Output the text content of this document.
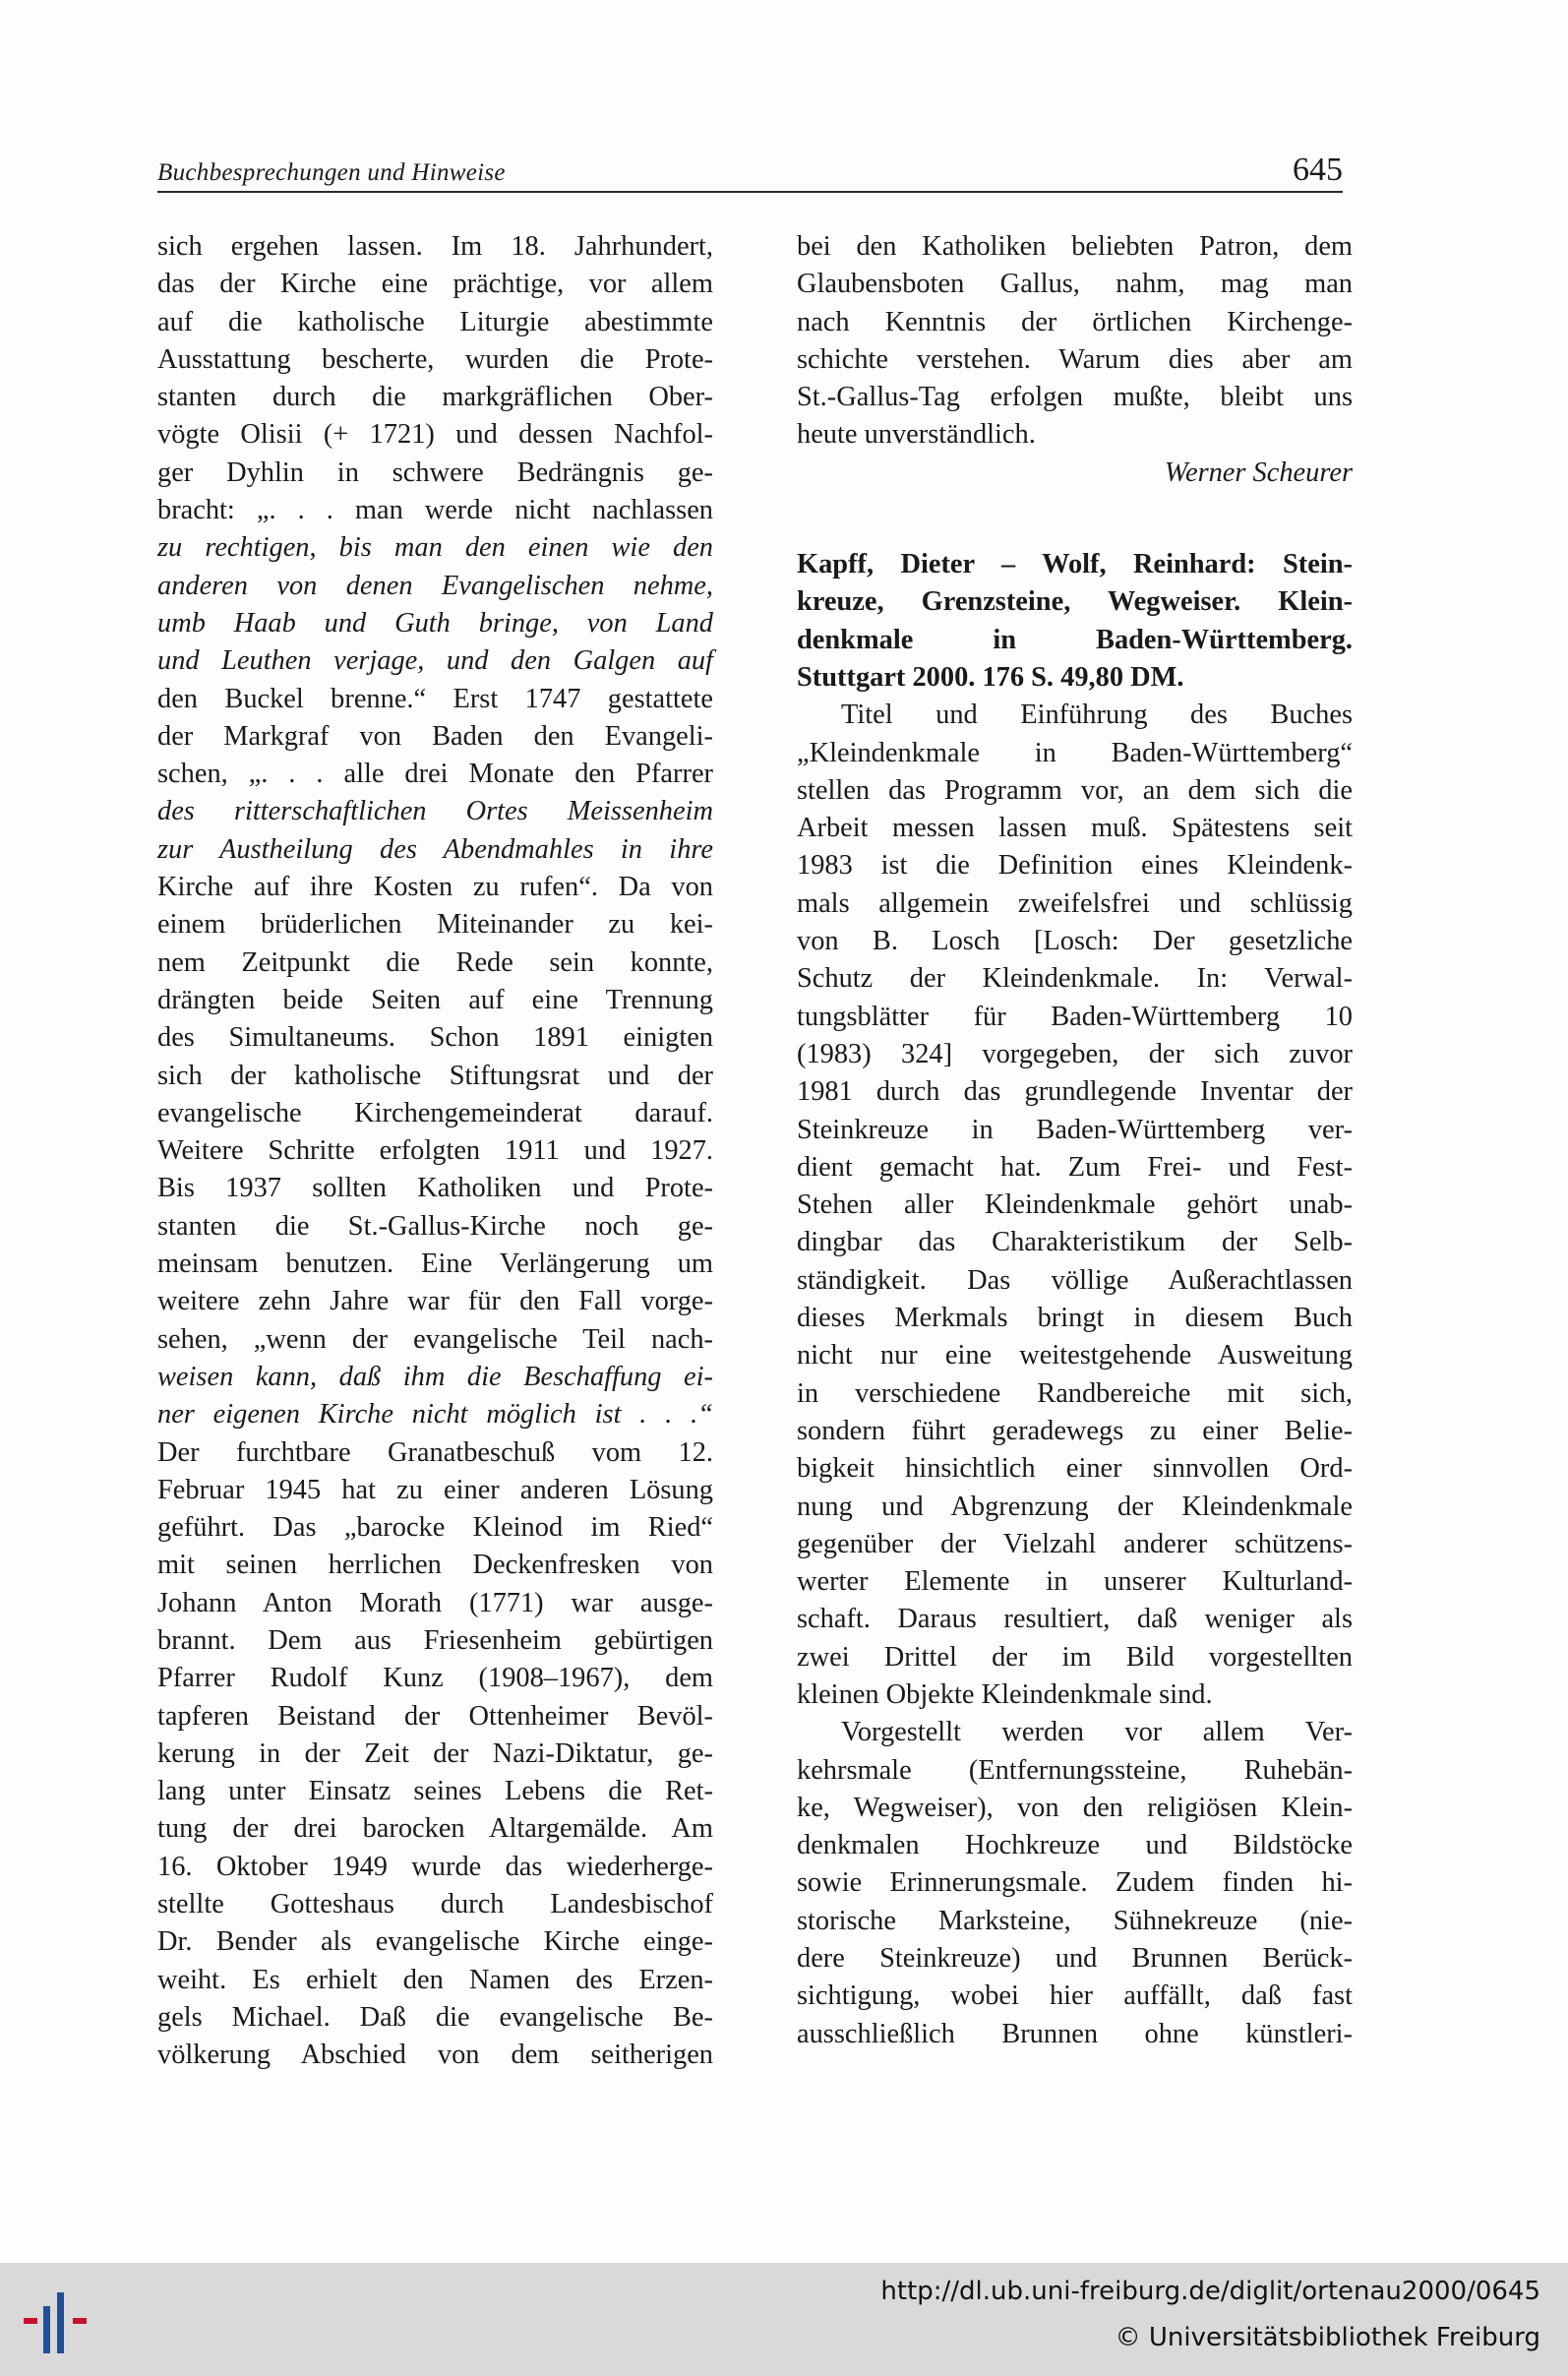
Buchbesprechungen und Hinweise	645
sich ergehen lassen. Im 18. Jahrhundert,
das der Kirche eine prächtige, vor allem
auf die katholische Liturgie abestimmte
Ausstattung bescherte, wurden die Prote-
stanten durch die markgräflichen Ober-
vögte Olisii (+ 1721) und dessen Nachfol-
ger Dyhlin in schwere Bedrängnis ge-
bracht: „. . . man werde nicht nachlassen
zu rechtigen, bis man den einen wie den
anderen von denen Evangelischen nehme,
umb Haab und Guth bringe, von Land
und Leuthen verjage, und den Galgen auf
den Buckel brenne.“ Erst 1747 gestattete
der Markgraf von Baden den Evangeli-
schen, „. . . alle drei Monate den Pfarrer
des ritterschaftlichen Ortes Meissenheim
zur Austheilung des Abendmahles in ihre
Kirche auf ihre Kosten zu rufen“. Da von
einem brüderlichen Miteinander zu kei-
nem Zeitpunkt die Rede sein konnte,
drängten beide Seiten auf eine Trennung
des Simultaneums. Schon 1891 einigten
sich der katholische Stiftungsrat und der
evangelische Kirchengemeinderat darauf.
Weitere Schritte erfolgten 1911 und 1927.
Bis 1937 sollten Katholiken und Prote-
stanten die St.-Gallus-Kirche noch ge-
meinsam benutzen. Eine Verlängerung um
weitere zehn Jahre war für den Fall vorge-
sehen, „wenn der evangelische Teil nach-
weisen kann, daß ihm die Beschaffung ei-
ner eigenen Kirche nicht möglich ist . . .“
Der furchtbare Granatbeschuß vom 12.
Februar 1945 hat zu einer anderen Lösung
geführt. Das „barocke Kleinod im Ried“
mit seinen herrlichen Deckenfresken von
Johann Anton Morath (1771) war ausge-
brannt. Dem aus Friesenheim gebürtigen
Pfarrer Rudolf Kunz (1908–1967), dem
tapferen Beistand der Ottenheimer Bevöl-
kerung in der Zeit der Nazi-Diktatur, ge-
lang unter Einsatz seines Lebens die Ret-
tung der drei barocken Altargemälde. Am
16. Oktober 1949 wurde das wiederherge-
stellte Gotteshaus durch Landesbischof
Dr. Bender als evangelische Kirche einge-
weiht. Es erhielt den Namen des Erzen-
gels Michael. Daß die evangelische Be-
völkerung Abschied von dem seitherigen
bei den Katholiken beliebten Patron, dem
Glaubensboten Gallus, nahm, mag man
nach Kenntnis der örtlichen Kirchenge-
schichte verstehen. Warum dies aber am
St.-Gallus-Tag erfolgen mußte, bleibt uns
heute unverständlich.
Werner Scheurer
Kapff, Dieter – Wolf, Reinhard: Stein-
kreuze, Grenzsteine, Wegweiser. Klein-
denkmale in Baden-Württemberg.
Stuttgart 2000. 176 S. 49,80 DM.
Titel und Einführung des Buches
„Kleindenkmale in Baden-Württemberg“
stellen das Programm vor, an dem sich die
Arbeit messen lassen muß. Spätestens seit
1983 ist die Definition eines Kleindenk-
mals allgemein zweifelsfrei und schlüssig
von B. Losch [Losch: Der gesetzliche
Schutz der Kleindenkmale. In: Verwal-
tungsblätter für Baden-Württemberg 10
(1983) 324] vorgegeben, der sich zuvor
1981 durch das grundlegende Inventar der
Steinkreuze in Baden-Württemberg ver-
dient gemacht hat. Zum Frei- und Fest-
Stehen aller Kleindenkmale gehört unab-
dingbar das Charakteristikum der Selb-
ständigkeit. Das völlige Außerachtlassen
dieses Merkmals bringt in diesem Buch
nicht nur eine weitestgehende Ausweitung
in verschiedene Randbereiche mit sich,
sondern führt geradewegs zu einer Belie-
bigkeit hinsichtlich einer sinnvollen Ord-
nung und Abgrenzung der Kleindenkmale
gegenüber der Vielzahl anderer schützens-
werter Elemente in unserer Kulturland-
schaft. Daraus resultiert, daß weniger als
zwei Drittel der im Bild vorgestellten
kleinen Objekte Kleindenkmale sind.
Vorgestellt werden vor allem Ver-
kehrsmale (Entfernungssteine, Ruhebän-
ke, Wegweiser), von den religiösen Klein-
denkmalen Hochkreuze und Bildstöcke
sowie Erinnerungsmale. Zudem finden hi-
storische Marksteine, Sühnekreuze (nie-
dere Steinkreuze) und Brunnen Berück-
sichtigung, wobei hier auffällt, daß fast
ausschließlich Brunnen ohne künstleri-
http://dl.ub.uni-freiburg.de/diglit/ortenau2000/0645
© Universitätsbibliothek Freiburg
